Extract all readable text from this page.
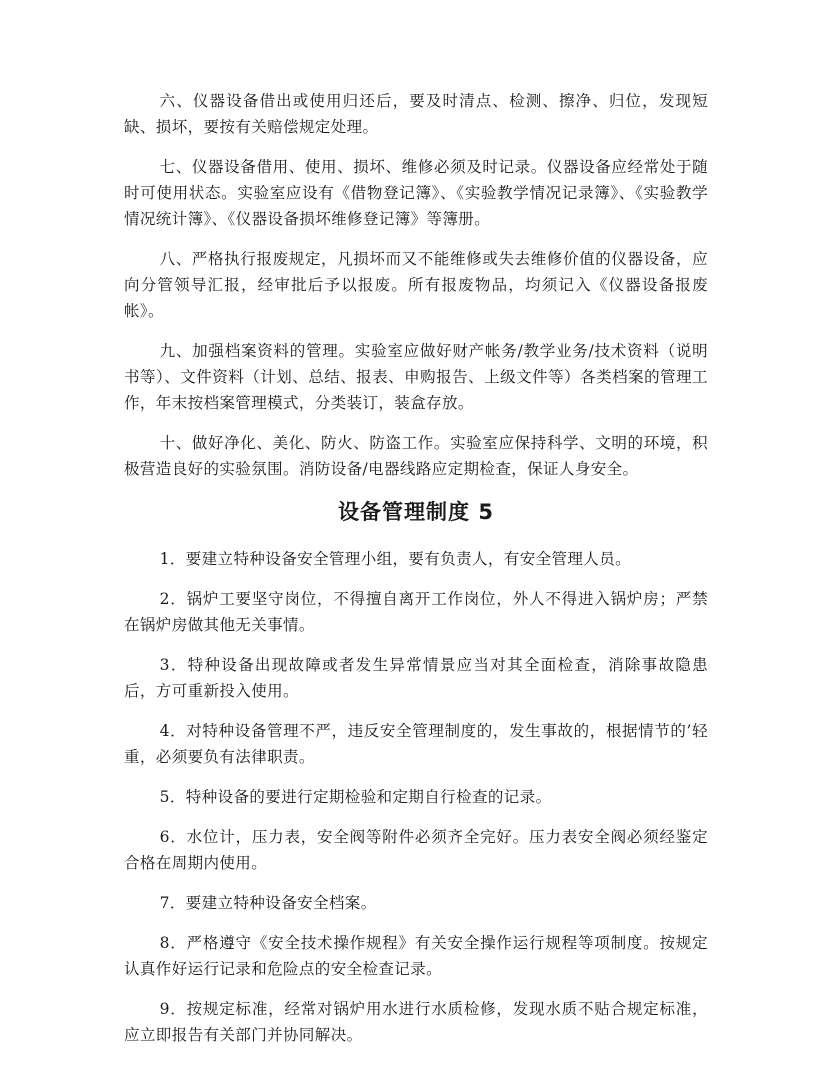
六、仪器设备借出或使用归还后，要及时清点、检测、擦净、归位，发现短缺、损坏，要按有关赔偿规定处理。

七、仪器设备借用、使用、损坏、维修必须及时记录。仪器设备应经常处于随时可使用状态。实验室应设有《借物登记簿》、《实验教学情况记录簿》、《实验教学情况统计簿》、《仪器设备损坏维修登记簿》等簿册。

八、严格执行报废规定，凡损坏而又不能维修或失去维修价值的仪器设备，应向分管领导汇报，经审批后予以报废。所有报废物品，均须记入《仪器设备报废帐》。

九、加强档案资料的管理。实验室应做好财产帐务/教学业务/技术资料（说明书等）、文件资料（计划、总结、报表、申购报告、上级文件等）各类档案的管理工作，年末按档案管理模式，分类装订，装盒存放。

十、做好净化、美化、防火、防盗工作。实验室应保持科学、文明的环境，积极营造良好的实验氛围。消防设备/电器线路应定期检查，保证人身安全。

设备管理制度 5

1．要建立特种设备安全管理小组，要有负责人，有安全管理人员。

2．锅炉工要坚守岗位，不得擅自离开工作岗位，外人不得进入锅炉房；严禁在锅炉房做其他无关事情。

3．特种设备出现故障或者发生异常情景应当对其全面检查，消除事故隐患后，方可重新投入使用。

4．对特种设备管理不严，违反安全管理制度的，发生事故的，根据情节的’轻重，必须要负有法律职责。

5．特种设备的要进行定期检验和定期自行检查的记录。

6．水位计，压力表，安全阀等附件必须齐全完好。压力表安全阀必须经鉴定合格在周期内使用。

7．要建立特种设备安全档案。

8．严格遵守《安全技术操作规程》有关安全操作运行规程等项制度。按规定认真作好运行记录和危险点的安全检查记录。

9．按规定标准，经常对锅炉用水进行水质检修，发现水质不贴合规定标准，应立即报告有关部门并协同解决。
